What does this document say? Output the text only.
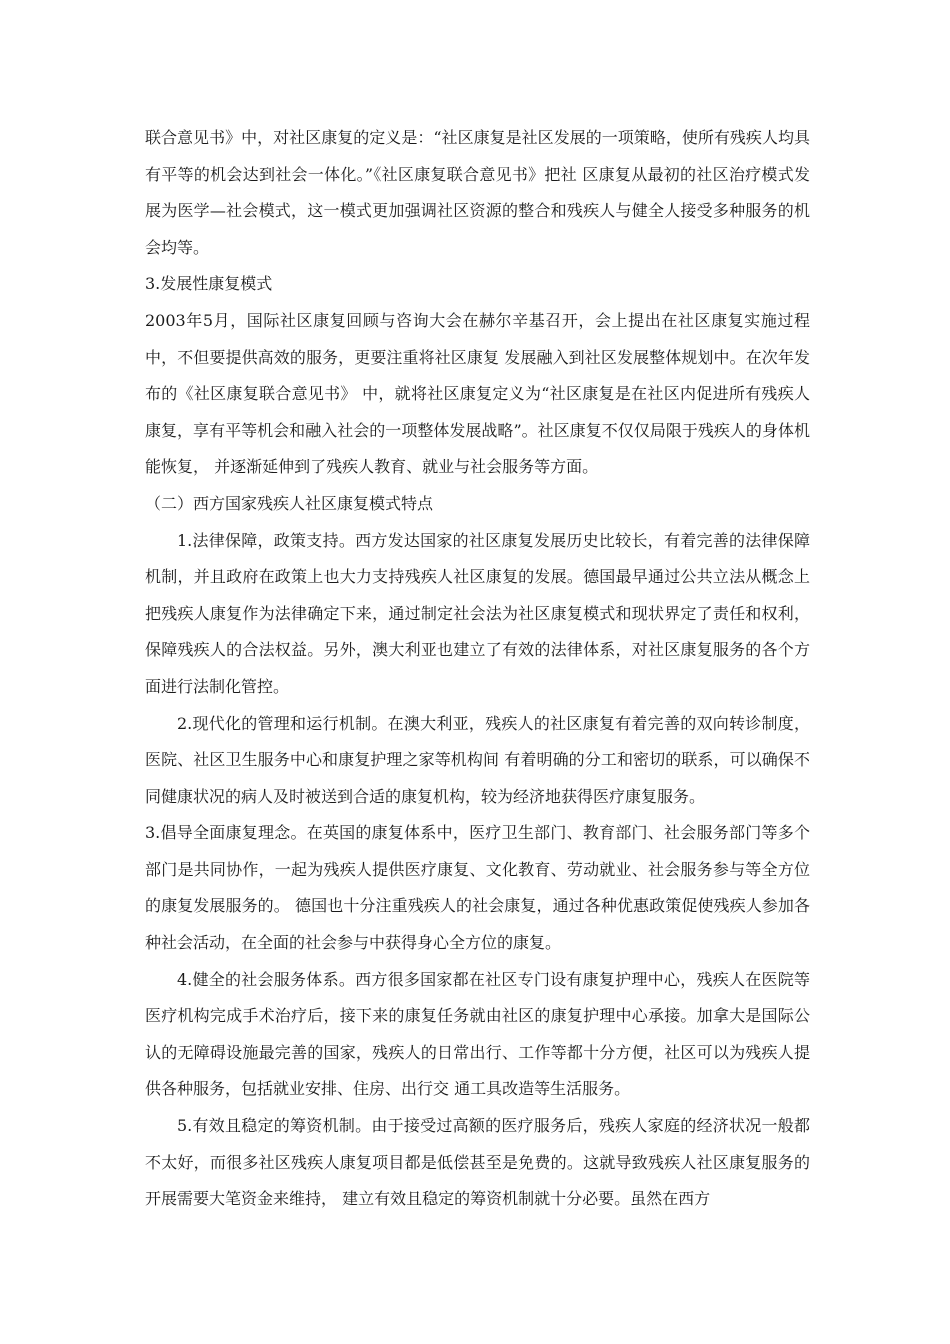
联合意见书》中，对社区康复的定义是：“社区康复是社区发展的一项策略，使所有残疾人均具有平等的机会达到社会一体化。”《社区康复联合意见书》把社 区康复从最初的社区治疗模式发展为医学—社会模式，这一模式更加强调社区资源的整合和残疾人与健全人接受多种服务的机会均等。

3.发展性康复模式

2003年5月，国际社区康复回顾与咨询大会在赫尔辛基召开，会上提出在社区康复实施过程中，不但要提供高效的服务，更要注重将社区康复 发展融入到社区发展整体规划中。在次年发布的《社区康复联合意见书》 中，就将社区康复定义为“社区康复是在社区内促进所有残疾人康复，享有平等机会和融入社会的一项整体发展战略”。社区康复不仅仅局限于残疾人的身体机能恢复， 并逐渐延伸到了残疾人教育、就业与社会服务等方面。

（二）西方国家残疾人社区康复模式特点

1.法律保障，政策支持。西方发达国家的社区康复发展历史比较长，有着完善的法律保障机制，并且政府在政策上也大力支持残疾人社区康复的发展。德国最早通过公共立法从概念上把残疾人康复作为法律确定下来，通过制定社会法为社区康复模式和现状界定了责任和权利，保障残疾人的合法权益。另外，澳大利亚也建立了有效的法律体系，对社区康复服务的各个方面进行法制化管控。

2.现代化的管理和运行机制。在澳大利亚，残疾人的社区康复有着完善的双向转诊制度，医院、社区卫生服务中心和康复护理之家等机构间 有着明确的分工和密切的联系，可以确保不同健康状况的病人及时被送到合适的康复机构，较为经济地获得医疗康复服务。

3.倡导全面康复理念。在英国的康复体系中，医疗卫生部门、教育部门、社会服务部门等多个部门是共同协作，一起为残疾人提供医疗康复、文化教育、劳动就业、社会服务参与等全方位的康复发展服务的。 德国也十分注重残疾人的社会康复，通过各种优惠政策促使残疾人参加各种社会活动，在全面的社会参与中获得身心全方位的康复。

4.健全的社会服务体系。西方很多国家都在社区专门设有康复护理中心，残疾人在医院等医疗机构完成手术治疗后，接下来的康复任务就由社区的康复护理中心承接。加拿大是国际公认的无障碍设施最完善的国家，残疾人的日常出行、工作等都十分方便，社区可以为残疾人提供各种服务，包括就业安排、住房、出行交 通工具改造等生活服务。

5.有效且稳定的筹资机制。由于接受过高额的医疗服务后，残疾人家庭的经济状况一般都不太好，而很多社区残疾人康复项目都是低偿甚至是免费的。这就导致残疾人社区康复服务的开展需要大笔资金来维持， 建立有效且稳定的筹资机制就十分必要。虽然在西方
